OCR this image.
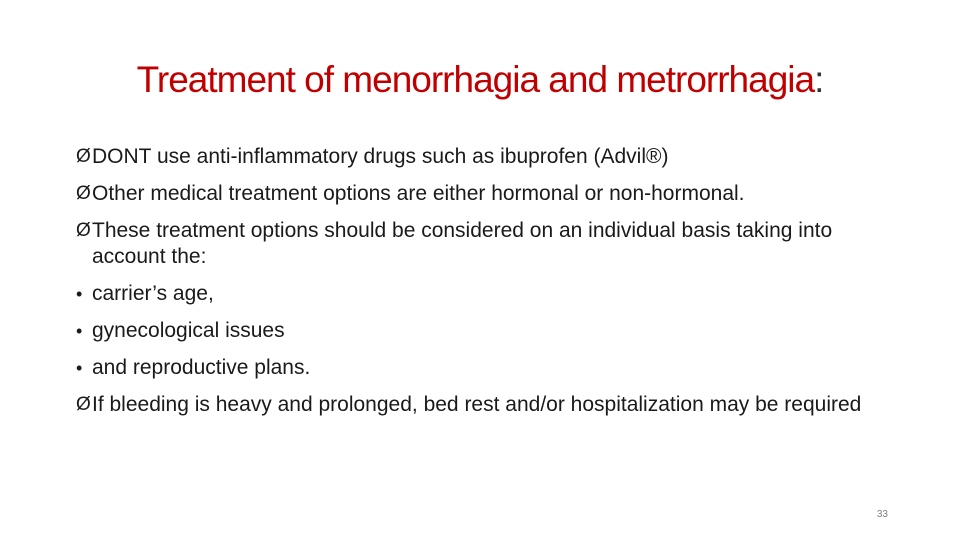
Treatment of menorrhagia and metrorrhagia:
Ø DONT use anti-inflammatory drugs such as ibuprofen (Advil®)
Ø Other medical treatment options are either hormonal or non-hormonal.
Ø These treatment options should be considered on an individual basis taking into account the:
• carrier’s age,
• gynecological issues
• and reproductive plans.
Ø If bleeding is heavy and prolonged, bed rest and/or hospitalization may be required
33
